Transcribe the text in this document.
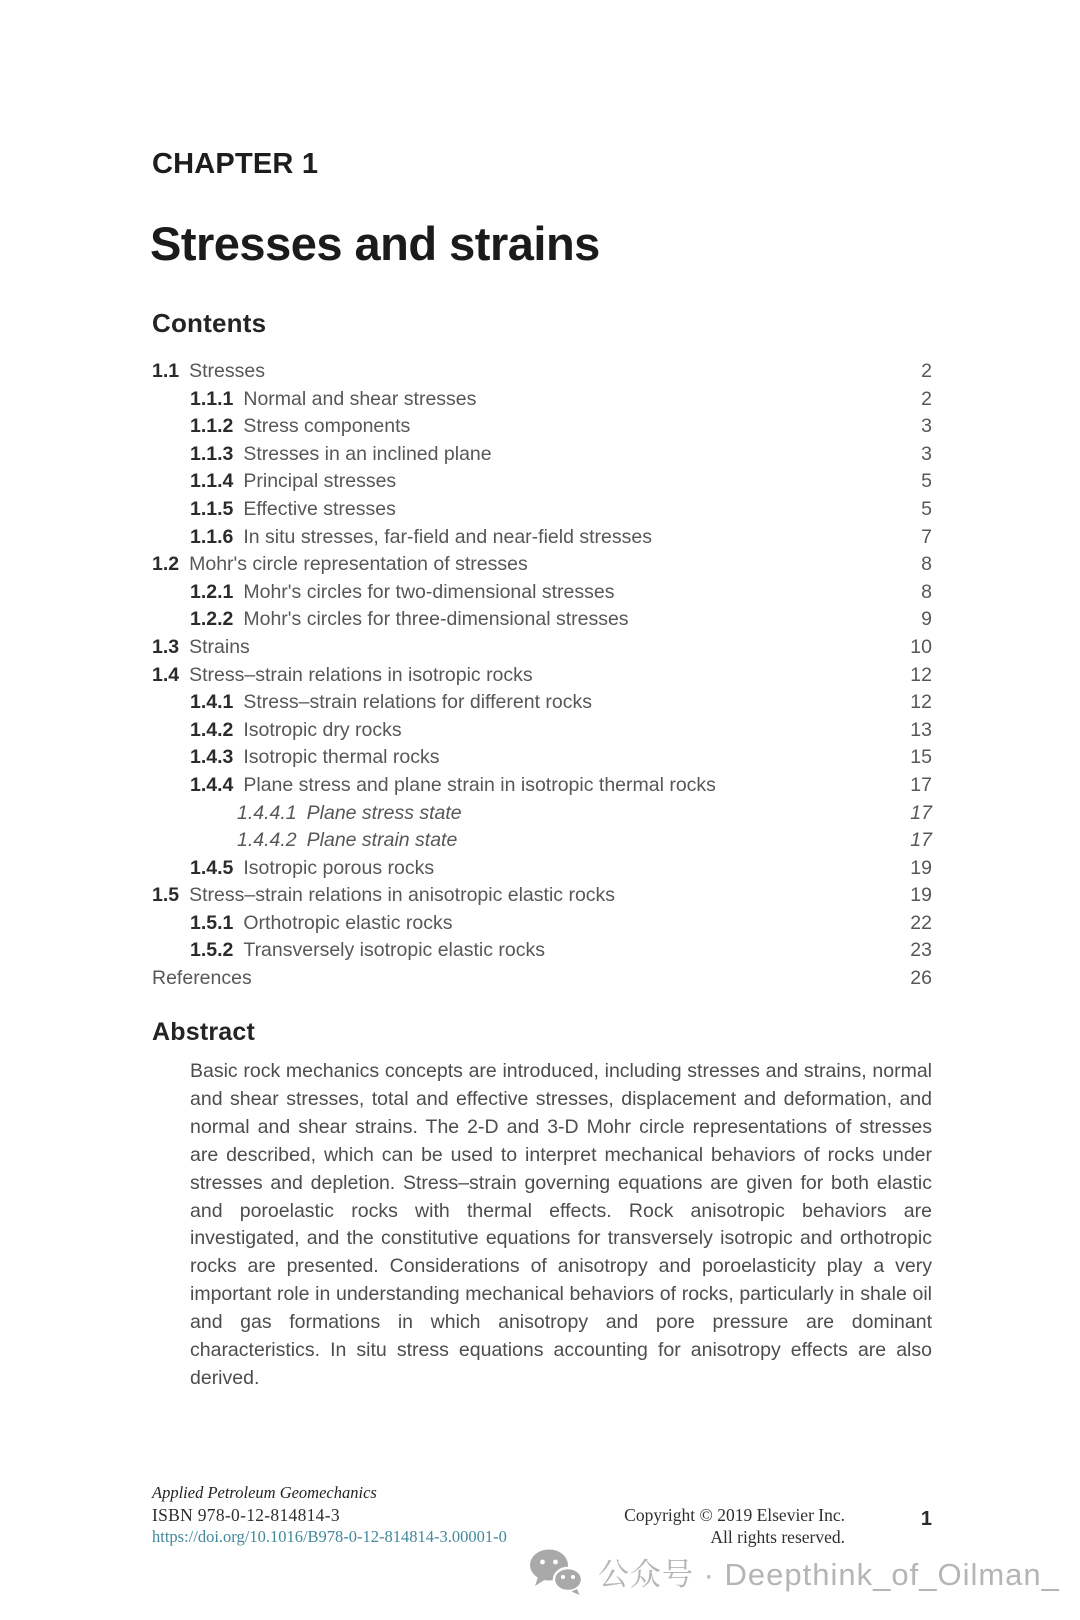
CHAPTER 1
Stresses and strains
Contents
1.1 Stresses	2
1.1.1 Normal and shear stresses	2
1.1.2 Stress components	3
1.1.3 Stresses in an inclined plane	3
1.1.4 Principal stresses	5
1.1.5 Effective stresses	5
1.1.6 In situ stresses, far-field and near-field stresses	7
1.2 Mohr's circle representation of stresses	8
1.2.1 Mohr's circles for two-dimensional stresses	8
1.2.2 Mohr's circles for three-dimensional stresses	9
1.3 Strains	10
1.4 Stress–strain relations in isotropic rocks	12
1.4.1 Stress–strain relations for different rocks	12
1.4.2 Isotropic dry rocks	13
1.4.3 Isotropic thermal rocks	15
1.4.4 Plane stress and plane strain in isotropic thermal rocks	17
1.4.4.1 Plane stress state	17
1.4.4.2 Plane strain state	17
1.4.5 Isotropic porous rocks	19
1.5 Stress–strain relations in anisotropic elastic rocks	19
1.5.1 Orthotropic elastic rocks	22
1.5.2 Transversely isotropic elastic rocks	23
References	26
Abstract

Basic rock mechanics concepts are introduced, including stresses and strains, normal and shear stresses, total and effective stresses, displacement and deformation, and normal and shear strains. The 2-D and 3-D Mohr circle representations of stresses are described, which can be used to interpret mechanical behaviors of rocks under stresses and depletion. Stress–strain governing equations are given for both elastic and poroelastic rocks with thermal effects. Rock anisotropic behaviors are investigated, and the constitutive equations for transversely isotropic and orthotropic rocks are presented. Considerations of anisotropy and poroelasticity play a very important role in understanding mechanical behaviors of rocks, particularly in shale oil and gas formations in which anisotropy and pore pressure are dominant characteristics. In situ stress equations accounting for anisotropy effects are also derived.

Applied Petroleum Geomechanics
ISBN 978-0-12-814814-3
https://doi.org/10.1016/B978-0-12-814814-3.00001-0
Copyright © 2019 Elsevier Inc.
All rights reserved.
1
公众号 · Deepthink_of_Oilman_
